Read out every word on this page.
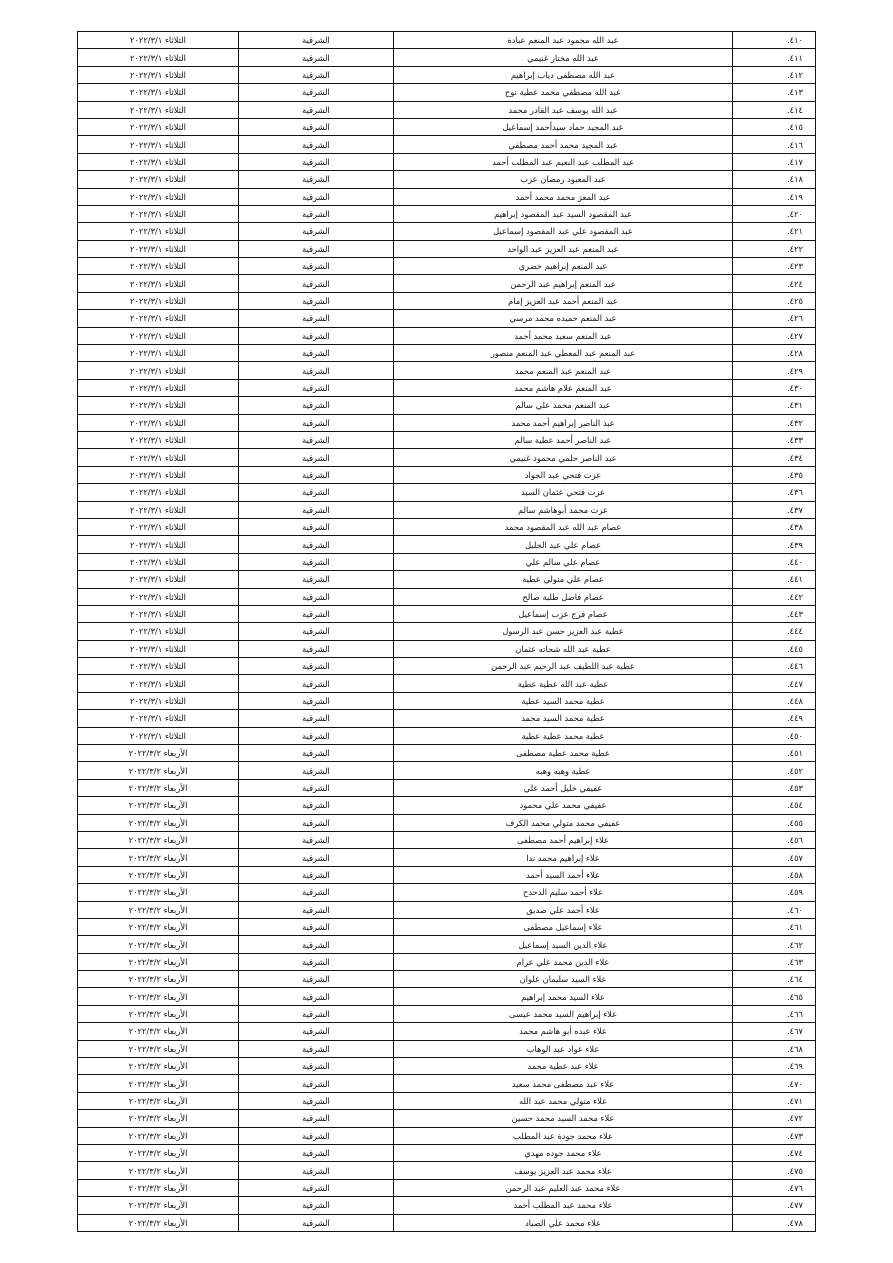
٤١٠.	عبد الله محمود عبد المنعم عبادة	الشرقية	الثلاثاء ٢٠٢٢/٣/١
٤١١.	عبد الله مختار غنيمي	الشرقية	الثلاثاء ٢٠٢٢/٣/١
٤١٢.	عبد الله مصطفى دياب إبراهيم	الشرقية	الثلاثاء ٢٠٢٢/٣/١
٤١٣.	عبد الله مصطفي محمد عطية نوح	الشرقية	الثلاثاء ٢٠٢٢/٣/١
٤١٤.	عبد الله يوسف عبد القادر محمد	الشرقية	الثلاثاء ٢٠٢٢/٣/١
٤١٥.	عبد المجيد حماد سيدأحمد إسماعيل	الشرقية	الثلاثاء ٢٠٢٢/٣/١
٤١٦.	عبد المجيد محمد أحمد مصطفي	الشرقية	الثلاثاء ٢٠٢٢/٣/١
٤١٧.	عبد المطلب عبد النعيم عبد المطلب أحمد	الشرقية	الثلاثاء ٢٠٢٢/٣/١
٤١٨.	عبد المعبود رمضان عزب	الشرقية	الثلاثاء ٢٠٢٢/٣/١
٤١٩.	عبد المعز محمد محمد أحمد	الشرقية	الثلاثاء ٢٠٢٢/٣/١
٤٢٠.	عبد المقصود السيد عبد المقصود إبراهيم	الشرقية	الثلاثاء ٢٠٢٢/٣/١
٤٢١.	عبد المقصود علي عبد المقصود إسماعيل	الشرقية	الثلاثاء ٢٠٢٢/٣/١
٤٢٢.	عبد المنعم عبد العزيز عبد الواحد	الشرقية	الثلاثاء ٢٠٢٢/٣/١
٤٢٣.	عبد المنعم إبراهيم خضري	الشرقية	الثلاثاء ٢٠٢٢/٣/١
٤٢٤.	عبد المنعم إبراهيم عبد الرحمن	الشرقية	الثلاثاء ٢٠٢٢/٣/١
٤٢٥.	عبد المنعم أحمد عبد العزيز إمام	الشرقية	الثلاثاء ٢٠٢٢/٣/١
٤٢٦.	عبد المنعم حميده محمد مرسي	الشرقية	الثلاثاء ٢٠٢٢/٣/١
٤٢٧.	عبد المنعم سعيد محمد أحمد	الشرقية	الثلاثاء ٢٠٢٢/٣/١
٤٢٨.	عبد المنعم عبد المعطي عبد المنعم منصور	الشرقية	الثلاثاء ٢٠٢٢/٣/١
٤٢٩.	عبد المنعم عبد المنعم محمد	الشرقية	الثلاثاء ٢٠٢٢/٣/١
٤٣٠.	عبد المنعم علام هاشم محمد	الشرقية	الثلاثاء ٢٠٢٢/٣/١
٤٣١.	عبد المنعم محمد علي سالم	الشرقية	الثلاثاء ٢٠٢٢/٣/١
٤٣٢.	عبد الناصر إبراهيم أحمد محمد	الشرقية	الثلاثاء ٢٠٢٢/٣/١
٤٣٣.	عبد الناصر أحمد عطية سالم	الشرقية	الثلاثاء ٢٠٢٢/٣/١
٤٣٤.	عبد الناصر حلمي محمود غنيمي	الشرقية	الثلاثاء ٢٠٢٢/٣/١
٤٣٥.	عزت فتحي عبد الجواد	الشرقية	الثلاثاء ٢٠٢٢/٣/١
٤٣٦.	عزت فتحي عثمان السيد	الشرقية	الثلاثاء ٢٠٢٢/٣/١
٤٣٧.	عزت محمد أبوهاشم سالم	الشرقية	الثلاثاء ٢٠٢٢/٣/١
٤٣٨.	عصام عبد الله عبد المقصود محمد	الشرقية	الثلاثاء ٢٠٢٢/٣/١
٤٣٩.	عصام علي عبد الجليل	الشرقية	الثلاثاء ٢٠٢٢/٣/١
٤٤٠.	عصام علي سالم علي	الشرقية	الثلاثاء ٢٠٢٢/٣/١
٤٤١.	عصام علي متولي عطية	الشرقية	الثلاثاء ٢٠٢٢/٣/١
٤٤٢.	عصام فاضل طلبة صالح	الشرقية	الثلاثاء ٢٠٢٢/٣/١
٤٤٣.	عصام فرج عزب إسماعيل	الشرقية	الثلاثاء ٢٠٢٢/٣/١
٤٤٤.	عطية عبد العزيز حسن عبد الرسول	الشرقية	الثلاثاء ٢٠٢٢/٣/١
٤٤٥.	عطية عبد الله شحاته عثمان	الشرقية	الثلاثاء ٢٠٢٢/٣/١
٤٤٦.	عطية عبد اللطيف عبد الرحيم عبد الرحمن	الشرقية	الثلاثاء ٢٠٢٢/٣/١
٤٤٧.	عطية عبد الله عطية عطية	الشرقية	الثلاثاء ٢٠٢٢/٣/١
٤٤٨.	عطية محمد السيد عطية	الشرقية	الثلاثاء ٢٠٢٢/٣/١
٤٤٩.	عطية محمد السيد محمد	الشرقية	الثلاثاء ٢٠٢٢/٣/١
٤٥٠.	عطية محمد عطية عطية	الشرقية	الثلاثاء ٢٠٢٢/٣/١
٤٥١.	عطية محمد عطية مصطفى	الشرقية	الأربعاء ٢٠٢٢/٣/٢
٤٥٢.	عطية وهبه وهبه	الشرقية	الأربعاء ٢٠٢٢/٣/٢
٤٥٣.	عفيفي خليل أحمد علي	الشرقية	الأربعاء ٢٠٢٢/٣/٢
٤٥٤.	عفيفي محمد علي محمود	الشرقية	الأربعاء ٢٠٢٢/٣/٢
٤٥٥.	عفيفي محمد متولي محمد الكرف	الشرقية	الأربعاء ٢٠٢٢/٣/٢
٤٥٦.	علاء إبراهيم أحمد مصطفى	الشرقية	الأربعاء ٢٠٢٢/٣/٢
٤٥٧.	علاء إبراهيم محمد ندا	الشرقية	الأربعاء ٢٠٢٢/٣/٢
٤٥٨.	علاء أحمد السيد أحمد	الشرقية	الأربعاء ٢٠٢٢/٣/٢
٤٥٩.	علاء أحمد سليم الدحدح	الشرقية	الأربعاء ٢٠٢٢/٣/٢
٤٦٠.	علاء أحمد علي صديق	الشرقية	الأربعاء ٢٠٢٢/٣/٢
٤٦١.	علاء إسماعيل مصطفى	الشرقية	الأربعاء ٢٠٢٢/٣/٢
٤٦٢.	علاء الدين السيد إسماعيل	الشرقية	الأربعاء ٢٠٢٢/٣/٢
٤٦٣.	علاء الدين محمد علي عرام	الشرقية	الأربعاء ٢٠٢٢/٣/٢
٤٦٤.	علاء السيد سليمان علوان	الشرقية	الأربعاء ٢٠٢٢/٣/٢
٤٦٥.	علاء السيد محمد إبراهيم	الشرقية	الأربعاء ٢٠٢٢/٣/٢
٤٦٦.	علاء إبراهيم السيد محمد عيسى	الشرقية	الأربعاء ٢٠٢٢/٣/٢
٤٦٧.	علاء عبده أبو هاشم محمد	الشرقية	الأربعاء ٢٠٢٢/٣/٢
٤٦٨.	علاء عواد عبد الوهاب	الشرقية	الأربعاء ٢٠٢٢/٣/٢
٤٦٩.	علاء عبد عطية محمد	الشرقية	الأربعاء ٢٠٢٢/٣/٢
٤٧٠.	علاء عبد مصطفى محمد سعيد	الشرقية	الأربعاء ٢٠٢٢/٣/٢
٤٧١.	علاء متولي محمد عبد الله	الشرقية	الأربعاء ٢٠٢٢/٣/٢
٤٧٢.	علاء محمد السيد محمد حسين	الشرقية	الأربعاء ٢٠٢٢/٣/٢
٤٧٣.	علاء محمد جودة عبد المطلب	الشرقية	الأربعاء ٢٠٢٢/٣/٢
٤٧٤.	علاء محمد جوده مهدي	الشرقية	الأربعاء ٢٠٢٢/٣/٢
٤٧٥.	علاء محمد عبد العزيز يوسف	الشرقية	الأربعاء ٢٠٢٢/٣/٢
٤٧٦.	علاء محمد عبد العليم عبد الرحمن	الشرقية	الأربعاء ٢٠٢٢/٣/٢
٤٧٧.	علاء محمد عبد المطلب أحمد	الشرقية	الأربعاء ٢٠٢٢/٣/٢
٤٧٨.	علاء محمد علي الصياد	الشرقية	الأربعاء ٢٠٢٢/٣/٢
